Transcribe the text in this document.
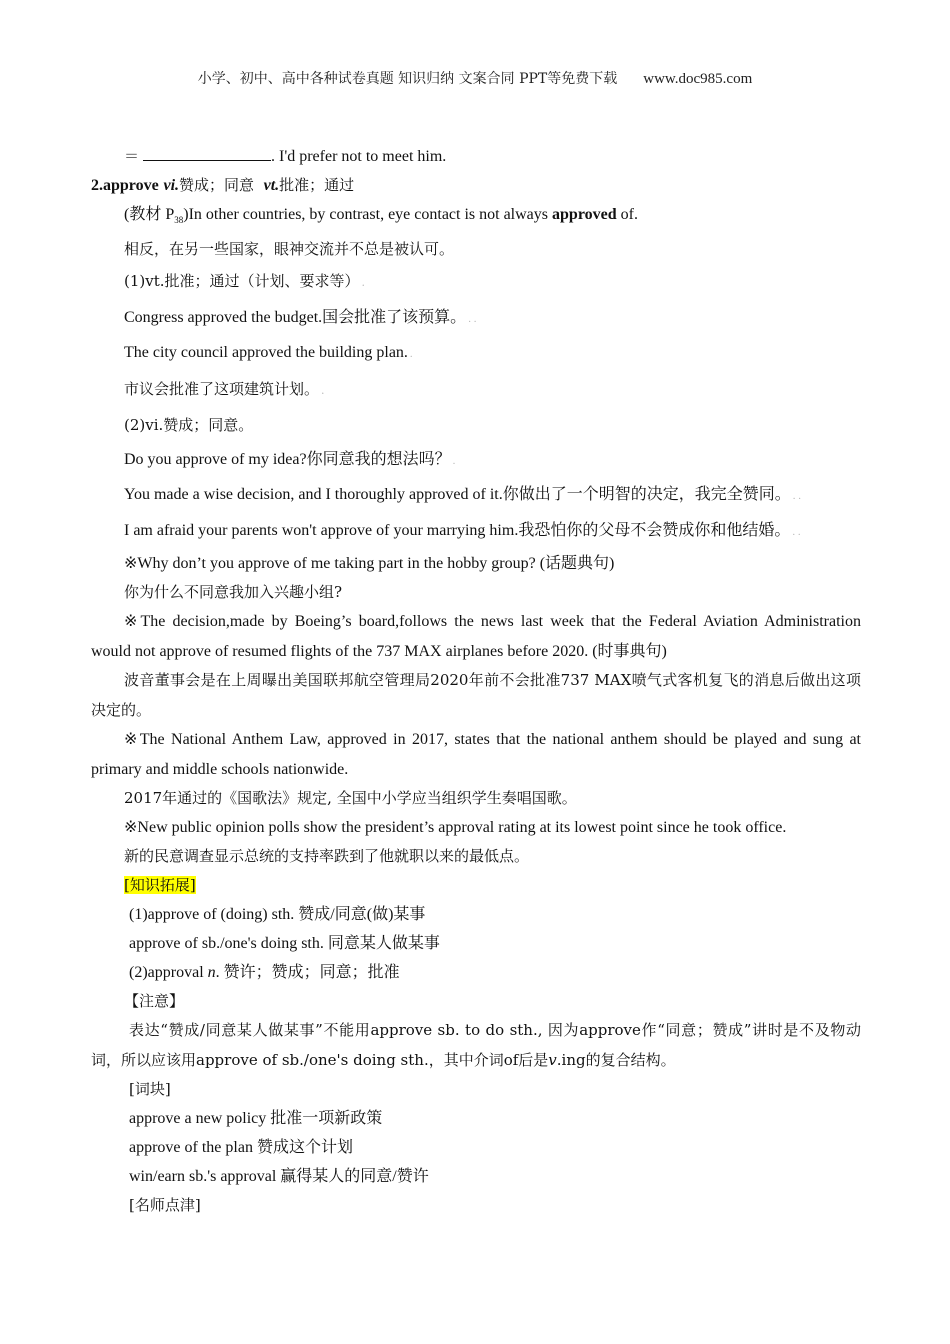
小学、初中、高中各种试卷真题 知识归纳 文案合同 PPT等免费下载 www.doc985.com
＝	. I'd prefer not to meet him.
2.approve vi.赞成；同意 vt.批准；通过
(教材 $P_{38})In$ other countries, by contrast, eye contact is not always approved of.
相反，在另一些国家，眼神交流并不总是被认可。
(1)vt.批准；通过（计划、要求等） .
Congress approved the budget.国会批准了该预算。 . .
The city council approved the building plan. .
市议会批准了这项建筑计划。 .
(2)vi.赞成；同意。
Do you approve of my idea?你同意我的想法吗？ .
You made a wise decision, and I thoroughly approved of it.你做出了一个明智的决定，我完全赞同。 . .
I am afraid your parents won't approve of your marrying him.我恐怕你的父母不会赞成你和他结婚。 . .
※Why don’t you approve of me taking part in the hobby group? (话题典句)
你为什么不同意我加入兴趣小组?
※The decision,made by Boeing’s board,follows the news last week that the Federal Aviation Administration would not approve of resumed flights of the 737 MAX airplanes before 2020. (时事典句)
波音董事会是在上周曝出美国联邦航空管理局2020年前不会批准737 MAX喷气式客机复飞的消息后做出这项决定的。
※The National Anthem Law, approved in 2017, states that the national anthem should be played and sung at primary and middle schools nationwide.
2017年通过的《国歌法》规定, 全国中小学应当组织学生奏唱国歌。
※New public opinion polls show the president’s approval rating at its lowest point since he took office.
新的民意调查显示总统的支持率跌到了他就职以来的最低点。
[知识拓展]
(1)approve of (doing) sth. 赞成/同意(做)某事
approve of sb./one's doing sth. 同意某人做某事
(2)approval n. 赞许；赞成；同意；批准
【注意】
表达“赞成/同意某人做某事”不能用approve sb. to do sth., 因为approve作“同意；赞成”讲时是不及物动词，所以应该用approve of sb./one's doing sth.，其中介词of后是v.ing的复合结构。
[词块]
approve a new policy 批准一项新政策
approve of the plan 赞成这个计划
win/earn sb.'s approval 赢得某人的同意/赞许
[名师点津]
